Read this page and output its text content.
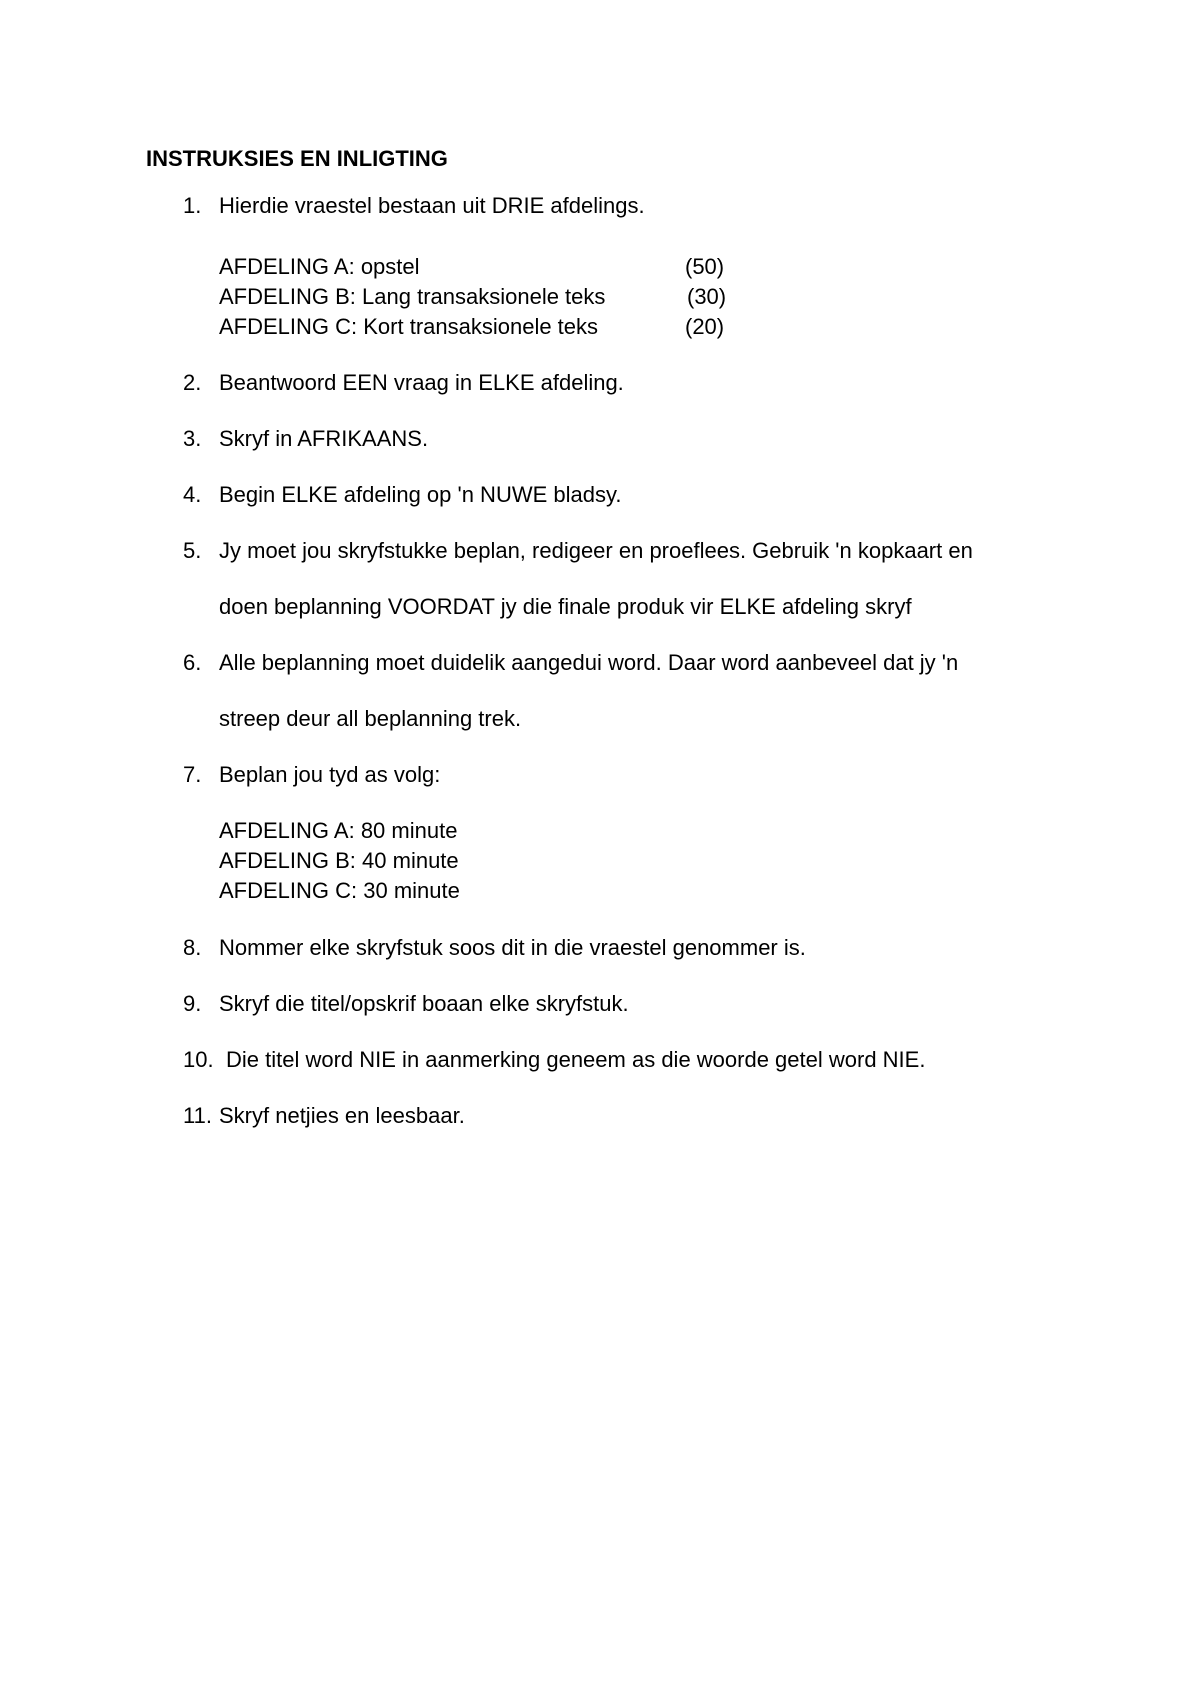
INSTRUKSIES EN INLIGTING
1. Hierdie vraestel bestaan uit DRIE afdelings.
AFDELING A: opstel	(50)
AFDELING B: Lang transaksionele teks	(30)
AFDELING C: Kort transaksionele teks	(20)
2. Beantwoord EEN vraag in ELKE afdeling.
3. Skryf in AFRIKAANS.
4. Begin ELKE afdeling op 'n NUWE bladsy.
5. Jy moet jou skryfstukke beplan, redigeer en proeflees. Gebruik 'n kopkaart en
doen beplanning VOORDAT jy die finale produk vir ELKE afdeling skryf
6. Alle beplanning moet duidelik aangedui word. Daar word aanbeveel dat jy 'n
streep deur all beplanning trek.
7. Beplan jou tyd as volg:
AFDELING A: 80 minute
AFDELING B: 40 minute
AFDELING C: 30 minute
8. Nommer elke skryfstuk soos dit in die vraestel genommer is.
9. Skryf die titel/opskrif boaan elke skryfstuk.
10. Die titel word NIE in aanmerking geneem as die woorde getel word NIE.
11. Skryf netjies en leesbaar.
